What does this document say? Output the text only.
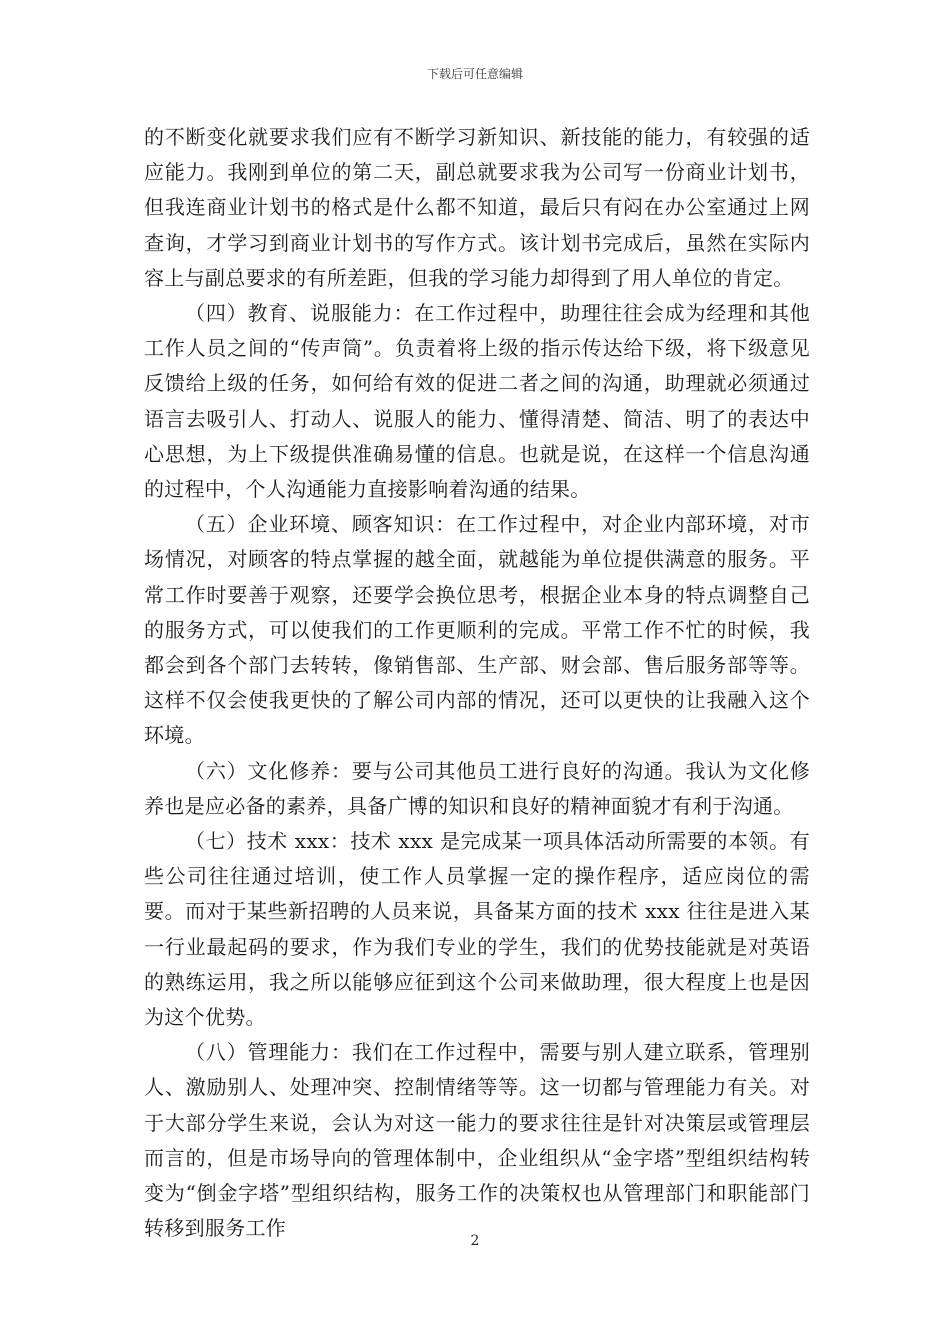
下载后可任意编辑

的不断变化就要求我们应有不断学习新知识、新技能的能力，有较强的适应能力。我刚到单位的第二天，副总就要求我为公司写一份商业计划书，但我连商业计划书的格式是什么都不知道，最后只有闷在办公室通过上网查询，才学习到商业计划书的写作方式。该计划书完成后，虽然在实际内容上与副总要求的有所差距，但我的学习能力却得到了用人单位的肯定。

（四）教育、说服能力：在工作过程中，助理往往会成为经理和其他工作人员之间的“传声筒”。负责着将上级的指示传达给下级，将下级意见反馈给上级的任务，如何给有效的促进二者之间的沟通，助理就必须通过语言去吸引人、打动人、说服人的能力、懂得清楚、简洁、明了的表达中心思想，为上下级提供准确易懂的信息。也就是说，在这样一个信息沟通的过程中，个人沟通能力直接影响着沟通的结果。

（五）企业环境、顾客知识：在工作过程中，对企业内部环境，对市场情况，对顾客的特点掌握的越全面，就越能为单位提供满意的服务。平常工作时要善于观察，还要学会换位思考，根据企业本身的特点调整自己的服务方式，可以使我们的工作更顺利的完成。平常工作不忙的时候，我都会到各个部门去转转，像销售部、生产部、财会部、售后服务部等等。这样不仅会使我更快的了解公司内部的情况，还可以更快的让我融入这个环境。

（六）文化修养：要与公司其他员工进行良好的沟通。我认为文化修养也是应必备的素养，具备广博的知识和良好的精神面貌才有利于沟通。

（七）技术 xxx：技术 xxx 是完成某一项具体活动所需要的本领。有些公司往往通过培训，使工作人员掌握一定的操作程序，适应岗位的需要。而对于某些新招聘的人员来说，具备某方面的技术 xxx 往往是进入某一行业最起码的要求，作为我们专业的学生，我们的优势技能就是对英语的熟练运用，我之所以能够应征到这个公司来做助理，很大程度上也是因为这个优势。

（八）管理能力：我们在工作过程中，需要与别人建立联系，管理别人、激励别人、处理冲突、控制情绪等等。这一切都与管理能力有关。对于大部分学生来说，会认为对这一能力的要求往往是针对决策层或管理层而言的，但是市场导向的管理体制中，企业组织从“金字塔”型组织结构转变为“倒金字塔”型组织结构，服务工作的决策权也从管理部门和职能部门转移到服务工作

2
